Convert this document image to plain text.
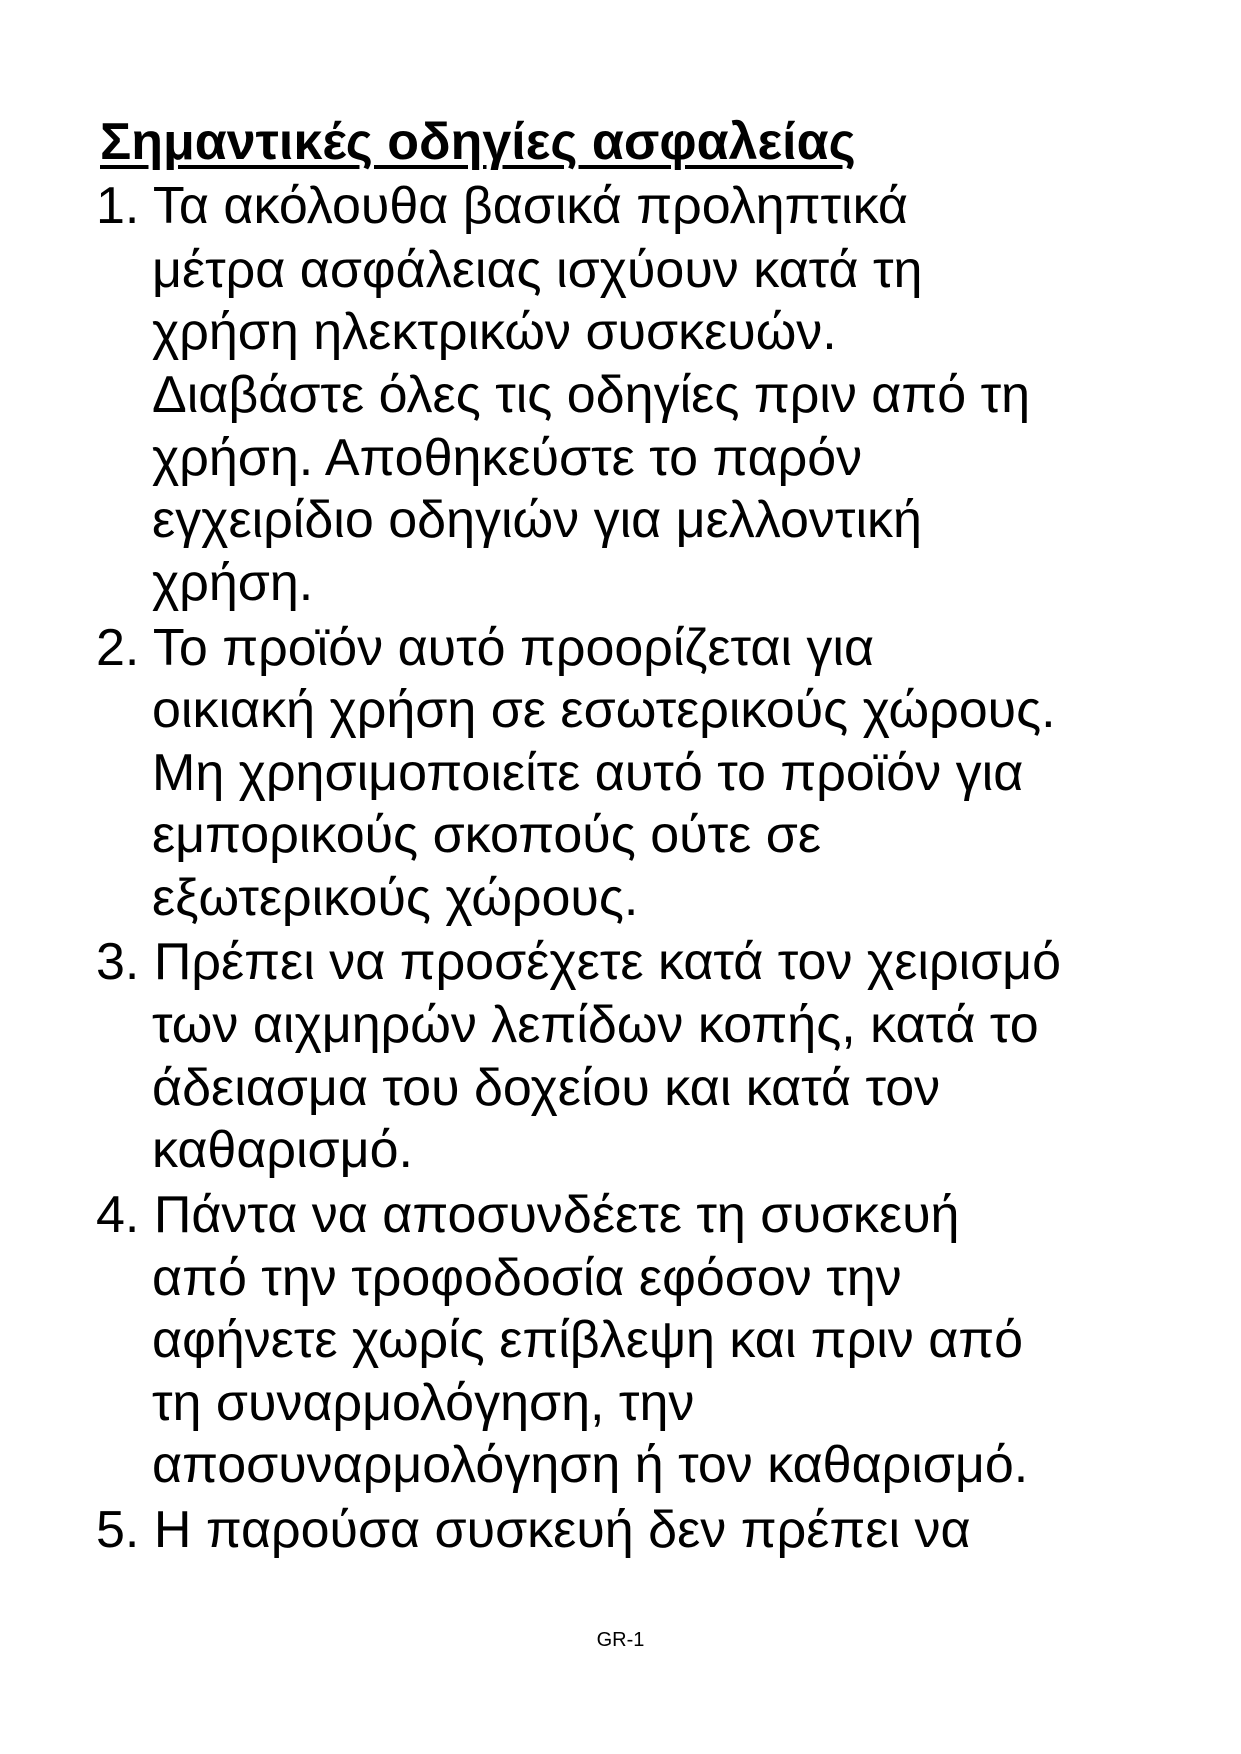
Σημαντικές οδηγίες ασφαλείας
1. Τα ακόλουθα βασικά προληπτικά
μέτρα ασφάλειας ισχύουν κατά τη
χρήση ηλεκτρικών συσκευών.
Διαβάστε όλες τις οδηγίες πριν από τη
χρήση. Αποθηκεύστε το παρόν
εγχειρίδιο οδηγιών για μελλοντική
χρήση.
2. Το προϊόν αυτό προορίζεται για
οικιακή χρήση σε εσωτερικούς χώρους.
Μη χρησιμοποιείτε αυτό το προϊόν για
εμπορικούς σκοπούς ούτε σε
εξωτερικούς χώρους.
3. Πρέπει να προσέχετε κατά τον χειρισμό
των αιχμηρών λεπίδων κοπής, κατά το
άδειασμα του δοχείου και κατά τον
καθαρισμό.
4. Πάντα να αποσυνδέετε τη συσκευή
από την τροφοδοσία εφόσον την
αφήνετε χωρίς επίβλεψη και πριν από
τη συναρμολόγηση, την
αποσυναρμολόγηση ή τον καθαρισμό.
5. Η παρούσα συσκευή δεν πρέπει να
GR-1
